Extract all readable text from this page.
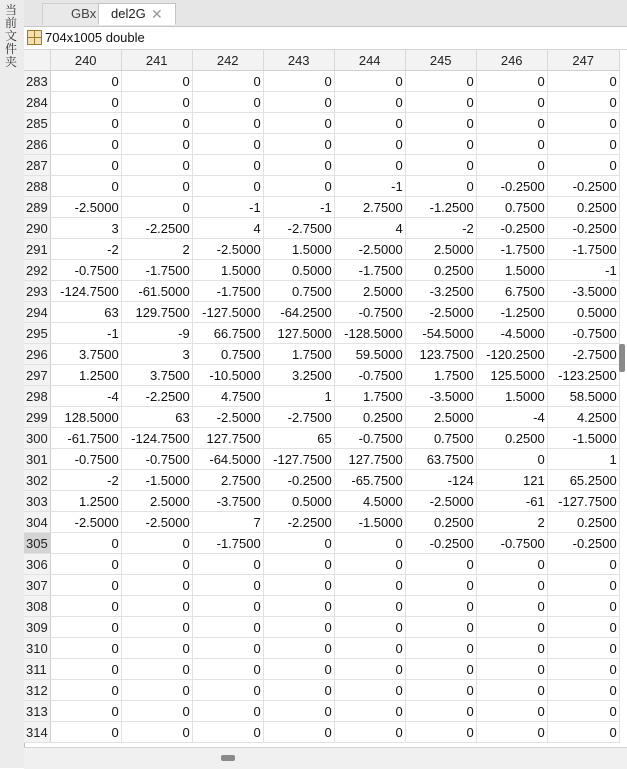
当前文件夹
GBx	del2G ✕
704x1005 double
	240	241	242	243	244	245	246	247
283	0	0	0	0	0	0	0	0
284	0	0	0	0	0	0	0	0
285	0	0	0	0	0	0	0	0
286	0	0	0	0	0	0	0	0
287	0	0	0	0	0	0	0	0
288	0	0	0	0	-1	0	-0.2500	-0.2500
289	-2.5000	0	-1	-1	2.7500	-1.2500	0.7500	0.2500
290	3	-2.2500	4	-2.7500	4	-2	-0.2500	-0.2500
291	-2	2	-2.5000	1.5000	-2.5000	2.5000	-1.7500	-1.7500
292	-0.7500	-1.7500	1.5000	0.5000	-1.7500	0.2500	1.5000	-1
293	-124.7500	-61.5000	-1.7500	0.7500	2.5000	-3.2500	6.7500	-3.5000
294	63	129.7500	-127.5000	-64.2500	-0.7500	-2.5000	-1.2500	0.5000
295	-1	-9	66.7500	127.5000	-128.5000	-54.5000	-4.5000	-0.7500
296	3.7500	3	0.7500	1.7500	59.5000	123.7500	-120.2500	-2.7500
297	1.2500	3.7500	-10.5000	3.2500	-0.7500	1.7500	125.5000	-123.2500
298	-4	-2.2500	4.7500	1	1.7500	-3.5000	1.5000	58.5000
299	128.5000	63	-2.5000	-2.7500	0.2500	2.5000	-4	4.2500
300	-61.7500	-124.7500	127.7500	65	-0.7500	0.7500	0.2500	-1.5000
301	-0.7500	-0.7500	-64.5000	-127.7500	127.7500	63.7500	0	1
302	-2	-1.5000	2.7500	-0.2500	-65.7500	-124	121	65.2500
303	1.2500	2.5000	-3.7500	0.5000	4.5000	-2.5000	-61	-127.7500
304	-2.5000	-2.5000	7	-2.2500	-1.5000	0.2500	2	0.2500
305	0	0	-1.7500	0	0	-0.2500	-0.7500	-0.2500
306	0	0	0	0	0	0	0	0
307	0	0	0	0	0	0	0	0
308	0	0	0	0	0	0	0	0
309	0	0	0	0	0	0	0	0
310	0	0	0	0	0	0	0	0
311	0	0	0	0	0	0	0	0
312	0	0	0	0	0	0	0	0
313	0	0	0	0	0	0	0	0
314	0	0	0	0	0	0	0	0
